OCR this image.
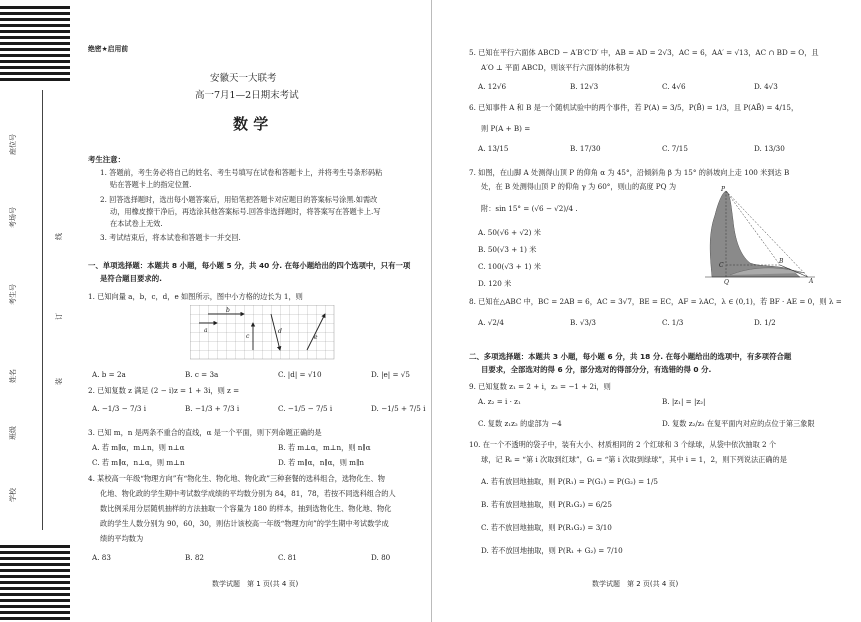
座位号
考场号
考生号
姓名
班级
学校
线
订
装
绝密★启用前
安徽天一大联考
高一7月1—2日期末考试
数 学
考生注意：
1. 答题前，考生务必将自己的姓名、考生号填写在试卷和答题卡上，并将考生号条形码粘
贴在答题卡上的指定位置.
2. 回答选择题时，选出每小题答案后，用铅笔把答题卡对应题目的答案标号涂黑.如需改
动，用橡皮擦干净后，再选涂其他答案标号.回答非选择题时，将答案写在答题卡上.写
在本试卷上无效.
3. 考试结束后，将本试卷和答题卡一并交回.
一、单项选择题：本题共 8 小题，每小题 5 分，共 40 分. 在每小题给出的四个选项中，只有一项
是符合题目要求的.
1. 已知向量 a，b，c，d，e 如图所示，图中小方格的边长为 1，则
b
a
c
d
e
A. b = 2a	B. c = 3a	C. |d| = √10	D. |e| = √5
2. 已知复数 z 满足 (2 − i)z = 1 + 3i，则 z =
A. −1/3 − 7/3 i	B. −1/3 + 7/3 i	C. −1/5 − 7/5 i	D. −1/5 + 7/5 i
3. 已知 m，n 是两条不重合的直线，α 是一个平面，则下列命题正确的是
A. 若 m∥α，m⊥n，则 n⊥α	B. 若 m⊥α，m⊥n，则 n∥α
C. 若 m∥α，n⊥α，则 m⊥n	D. 若 m∥α，n∥α，则 m∥n
4. 某校高一年级“物理方向”有“物化生、物化地、物化政”三种套餐的选科组合，选物化生、物
化地、物化政的学生期中考试数学成绩的平均数分别为 84，81，78，若按不同选科组合的人
数比例采用分层随机抽样的方法抽取一个容量为 180 的样本，抽到选物化生、物化地、物化
政的学生人数分别为 90，60，30，则估计该校高一年级“物理方向”的学生期中考试数学成
绩的平均数为
A. 83	B. 82	C. 81	D. 80
数学试题　第 1 页(共 4 页)
5. 已知在平行六面体 ABCD − A′B′C′D′ 中，AB = AD = 2√3，AC = 6，AA′ = √13，AC ∩ BD = O，且
A′O ⊥ 平面 ABCD，则该平行六面体的体积为
A. 12√6	B. 12√3	C. 4√6	D. 4√3
6. 已知事件 A 和 B 是一个随机试验中的两个事件，若 P(A) = 3/5，P(B̄) = 1/3，且 P(AB̄) = 4/15，
则 P(A + B) =
A. 13/15	B. 17/30	C. 7/15	D. 13/30
7. 如图，在山脚 A 处测得山顶 P 的仰角 α 为 45°，沿倾斜角 β 为 15° 的斜坡向上走 100 米到达 B
处，在 B 处测得山顶 P 的仰角 γ 为 60°，则山的高度 PQ 为
附：sin 15° = (√6 − √2)/4 .
A. 50(√6 + √2) 米
B. 50(√3 + 1) 米
C. 100(√3 + 1) 米
D. 120 米
P
C
Q
B
A
8. 已知在△ABC 中，BC = 2AB = 6，AC = 3√7，BE = EC，AF = λAC，λ ∈ (0,1)，若 BF · AE = 0，则 λ =
A. √2/4	B. √3/3	C. 1/3	D. 1/2
二、多项选择题：本题共 3 小题，每小题 6 分，共 18 分. 在每小题给出的选项中，有多项符合题
目要求，全部选对的得 6 分，部分选对的得部分分，有选错的得 0 分.
9. 已知复数 z₁ = 2 + i，z₂ = −1 + 2i，则
A. z₂ = i · z₁	B. |z₁| = |z₂|
C. 复数 z₁z₂ 的虚部为 −4	D. 复数 z₂/z₁ 在复平面内对应的点位于第三象限
10. 在一个不透明的袋子中，装有大小、材质相同的 2 个红球和 3 个绿球，从袋中依次抽取 2 个
球，记 Rᵢ = “第 i 次取到红球”，Gᵢ = “第 i 次取到绿球”，其中 i = 1，2，则下列说法正确的是
A. 若有放回地抽取，则 P(R₁) = P(G₁) = P(G₂) = 1/5
B. 若有放回地抽取，则 P(R₁G₂) = 6/25
C. 若不放回地抽取，则 P(R₁G₂) = 3/10
D. 若不放回地抽取，则 P(R₁ + G₂) = 7/10
数学试题　第 2 页(共 4 页)
